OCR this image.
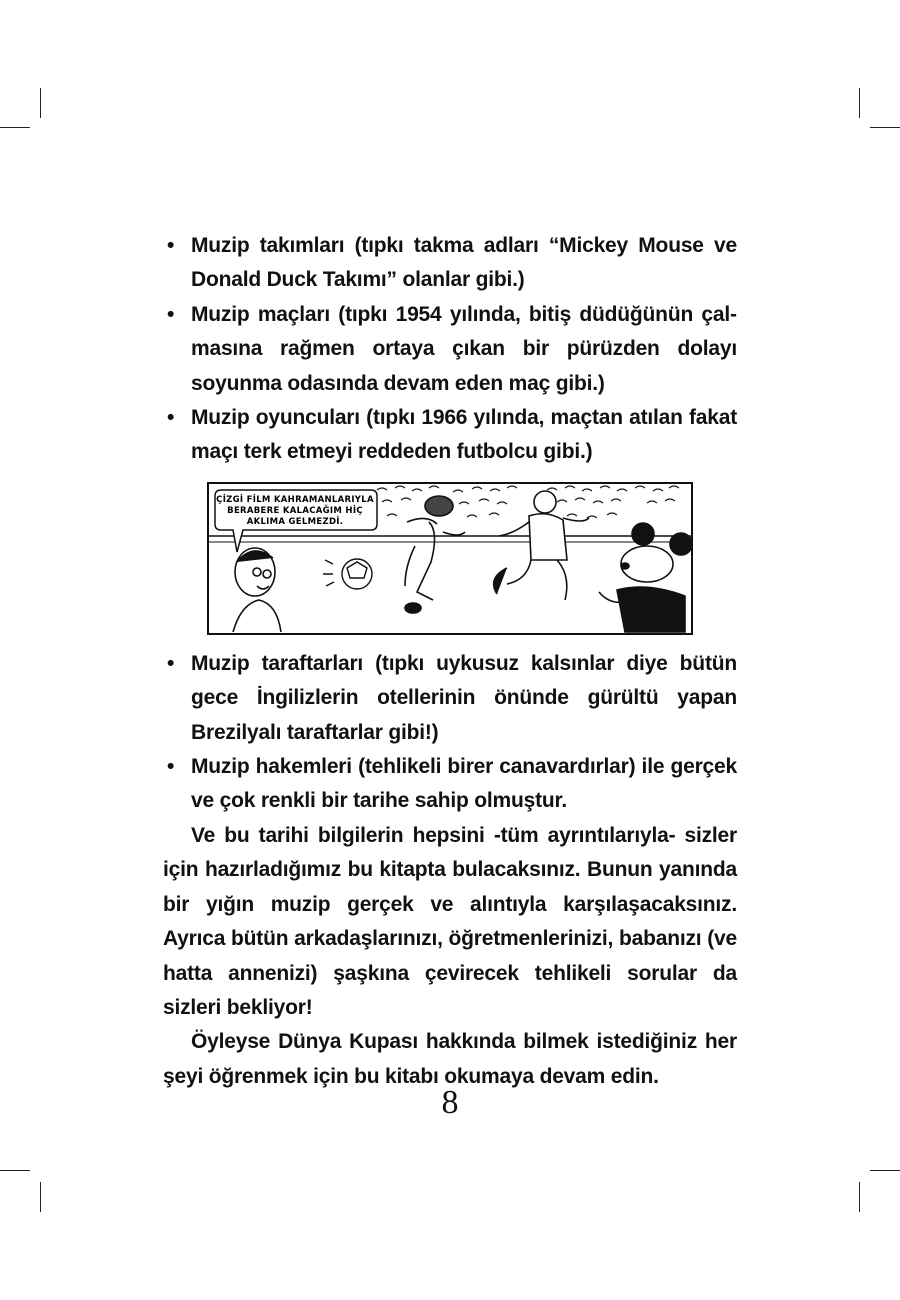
• Muzip takımları (tıpkı takma adları “Mickey Mouse ve Donald Duck Takımı” olanlar gibi.)
• Muzip maçları (tıpkı 1954 yılında, bitiş düdüğünün çalmasına rağmen ortaya çıkan bir pürüzden dolayı soyunma odasında devam eden maç gibi.)
• Muzip oyuncuları (tıpkı 1966 yılında, maçtan atılan fakat maçı terk etmeyi reddeden futbolcu gibi.)
ÇİZGİ FİLM KAHRAMANLARIYLA
BERABERE KALACAĞIM HİÇ
AKLIMA GELMEZDİ.
• Muzip taraftarları (tıpkı uykusuz kalsınlar diye bütün gece İngilizlerin otellerinin önünde gürültü yapan Brezilyalı taraftarlar gibi!)
• Muzip hakemleri (tehlikeli birer canavardırlar) ile gerçek ve çok renkli bir tarihe sahip olmuştur.

Ve bu tarihi bilgilerin hepsini -tüm ayrıntılarıyla- sizler için hazırladığımız bu kitapta bulacaksınız. Bunun yanında bir yığın muzip gerçek ve alıntıyla karşılaşacaksınız. Ayrıca bütün arkadaşlarınızı, öğretmenlerinizi, babanızı (ve hatta annenizi) şaşkına çevirecek tehlikeli sorular da sizleri bekliyor!

Öyleyse Dünya Kupası hakkında bilmek istediğiniz her şeyi öğrenmek için bu kitabı okumaya devam edin.

8
